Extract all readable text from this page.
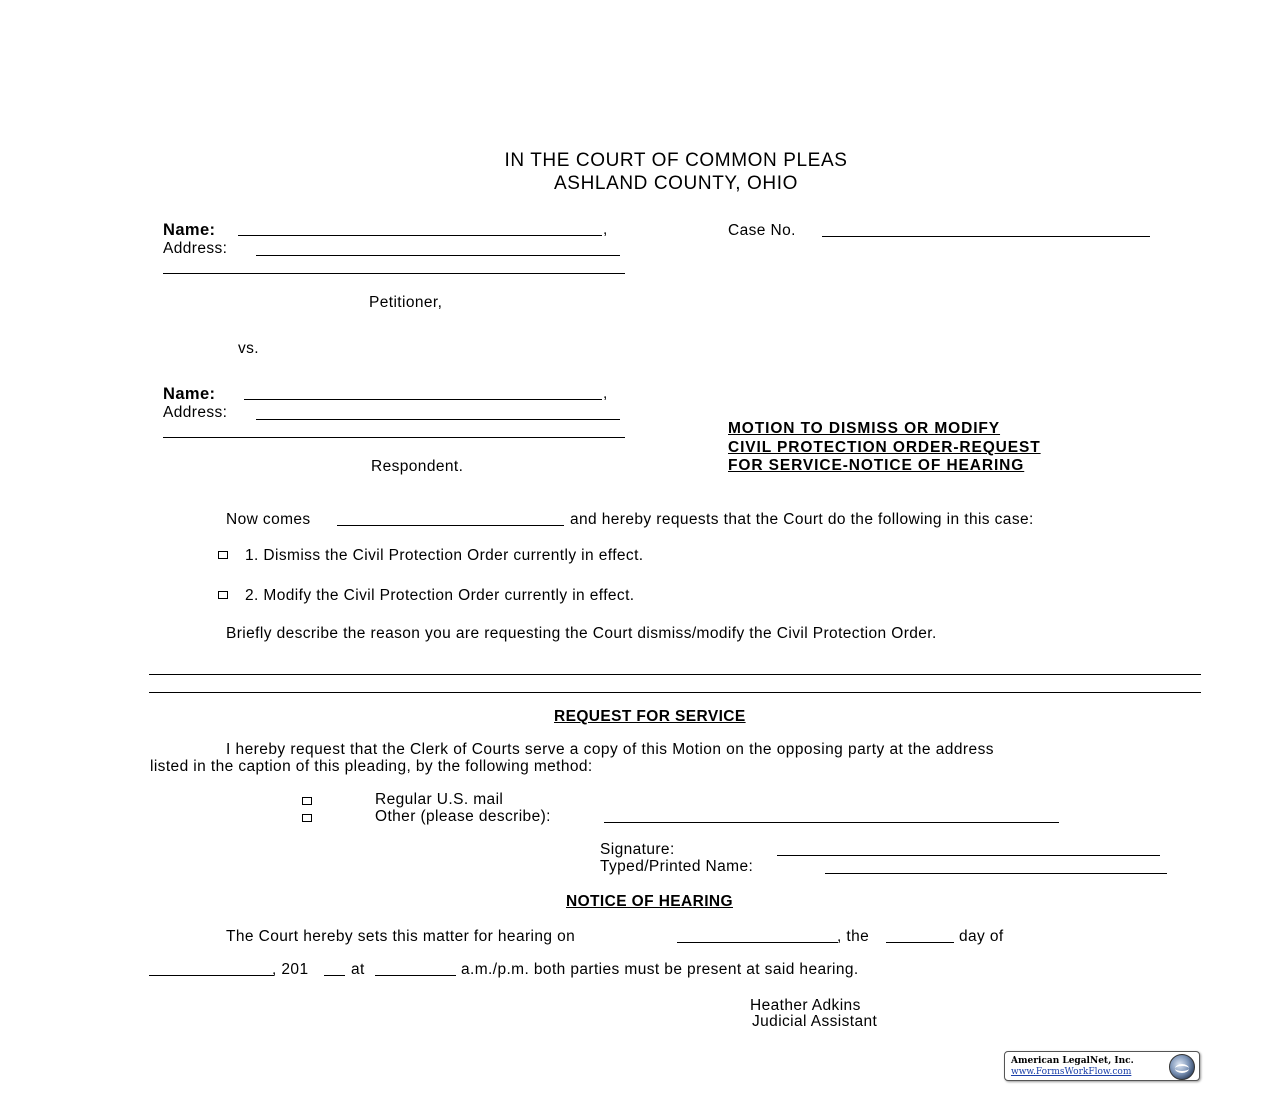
IN THE COURT OF COMMON PLEAS
ASHLAND COUNTY, OHIO
Name:	,
Address:
Petitioner,
Case No.
vs.
Name:	,
Address:
Respondent.
MOTION TO DISMISS OR MODIFY
CIVIL PROTECTION ORDER-REQUEST
FOR SERVICE-NOTICE OF HEARING
Now comes	and hereby requests that the Court do the following in this case:
1. Dismiss the Civil Protection Order currently in effect.
2. Modify the Civil Protection Order currently in effect.
Briefly describe the reason you are requesting the Court dismiss/modify the Civil Protection Order.
REQUEST FOR SERVICE
I hereby request that the Clerk of Courts serve a copy of this Motion on the opposing party at the address
listed in the caption of this pleading, by the following method:
Regular U.S. mail
Other (please describe):
Signature:
Typed/Printed Name:
NOTICE OF HEARING
The Court hereby sets this matter for hearing on	, the	day of
, 201	at	a.m./p.m. both parties must be present at said hearing.
Heather Adkins
Judicial Assistant
American LegalNet, Inc.
www.FormsWorkFlow.com
